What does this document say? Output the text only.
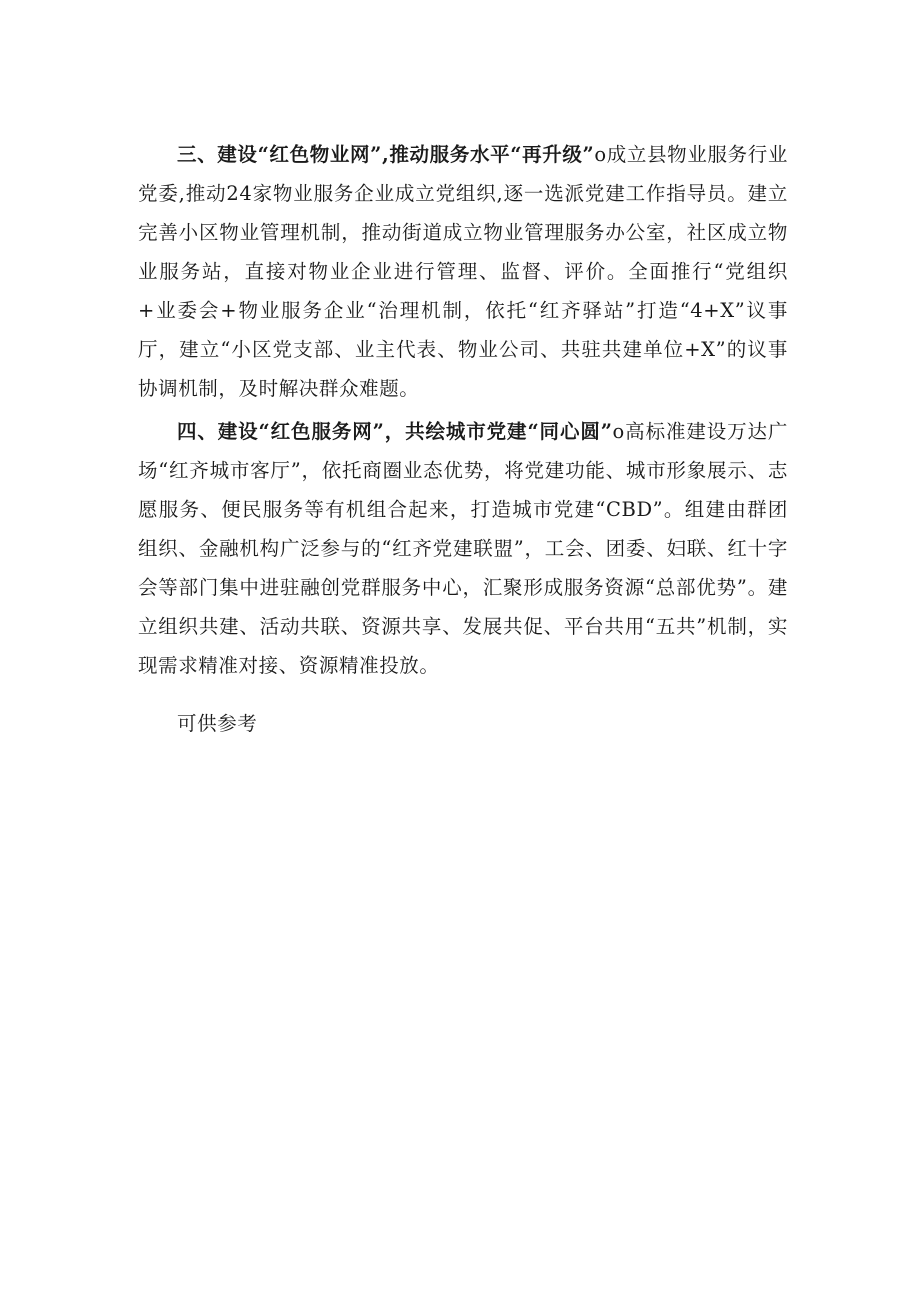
三、建设“红色物业网”,推动服务水平“再升级”o成立县物业服务行业党委,推动24家物业服务企业成立党组织,逐一选派党建工作指导员。建立完善小区物业管理机制，推动街道成立物业管理服务办公室，社区成立物业服务站，直接对物业企业进行管理、监督、评价。全面推行“党组织+业委会+物业服务企业“治理机制，依托“红齐驿站”打造“4+X”议事厅，建立“小区党支部、业主代表、物业公司、共驻共建单位+X”的议事协调机制，及时解决群众难题。

四、建设“红色服务网”，共绘城市党建“同心圆”o高标准建设万达广场“红齐城市客厅”，依托商圈业态优势，将党建功能、城市形象展示、志愿服务、便民服务等有机组合起来，打造城市党建“CBD”。组建由群团组织、金融机构广泛参与的“红齐党建联盟”，工会、团委、妇联、红十字会等部门集中进驻融创党群服务中心，汇聚形成服务资源“总部优势”。建立组织共建、活动共联、资源共享、发展共促、平台共用“五共”机制，实现需求精准对接、资源精准投放。

可供参考
